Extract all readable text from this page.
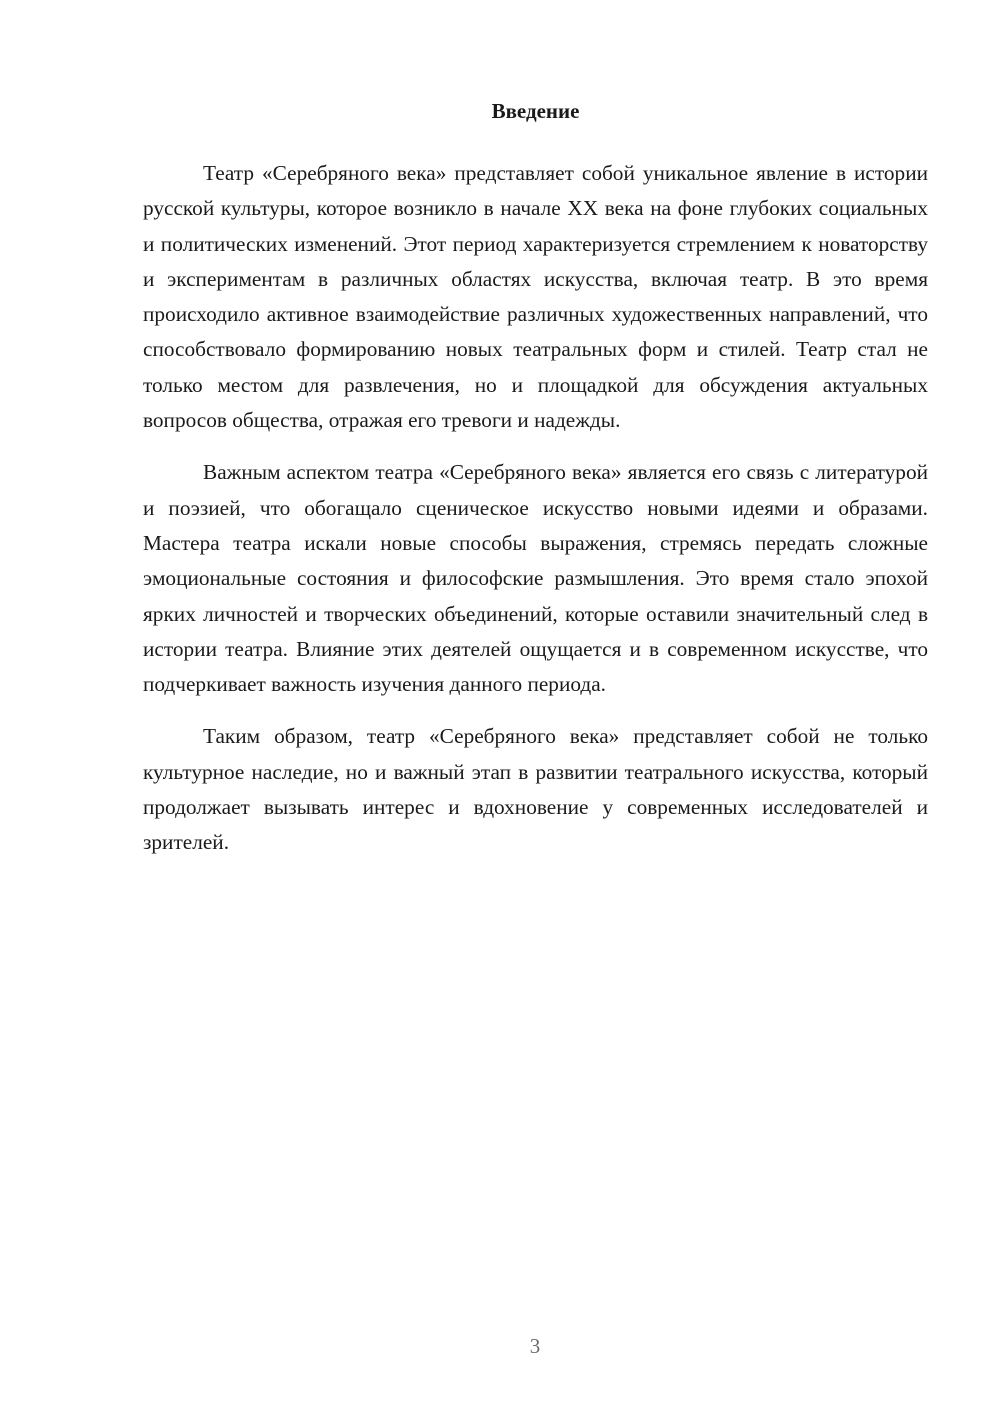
Введение

Театр «Серебряного века» представляет собой уникальное явление в истории русской культуры, которое возникло в начале XX века на фоне глубоких социальных и политических изменений. Этот период характеризуется стремлением к новаторству и экспериментам в различных областях искусства, включая театр. В это время происходило активное взаимодействие различных художественных направлений, что способствовало формированию новых театральных форм и стилей. Театр стал не только местом для развлечения, но и площадкой для обсуждения актуальных вопросов общества, отражая его тревоги и надежды.

Важным аспектом театра «Серебряного века» является его связь с литературой и поэзией, что обогащало сценическое искусство новыми идеями и образами. Мастера театра искали новые способы выражения, стремясь передать сложные эмоциональные состояния и философские размышления. Это время стало эпохой ярких личностей и творческих объединений, которые оставили значительный след в истории театра. Влияние этих деятелей ощущается и в современном искусстве, что подчеркивает важность изучения данного периода.

Таким образом, театр «Серебряного века» представляет собой не только культурное наследие, но и важный этап в развитии театрального искусства, который продолжает вызывать интерес и вдохновение у современных исследователей и зрителей.

3
